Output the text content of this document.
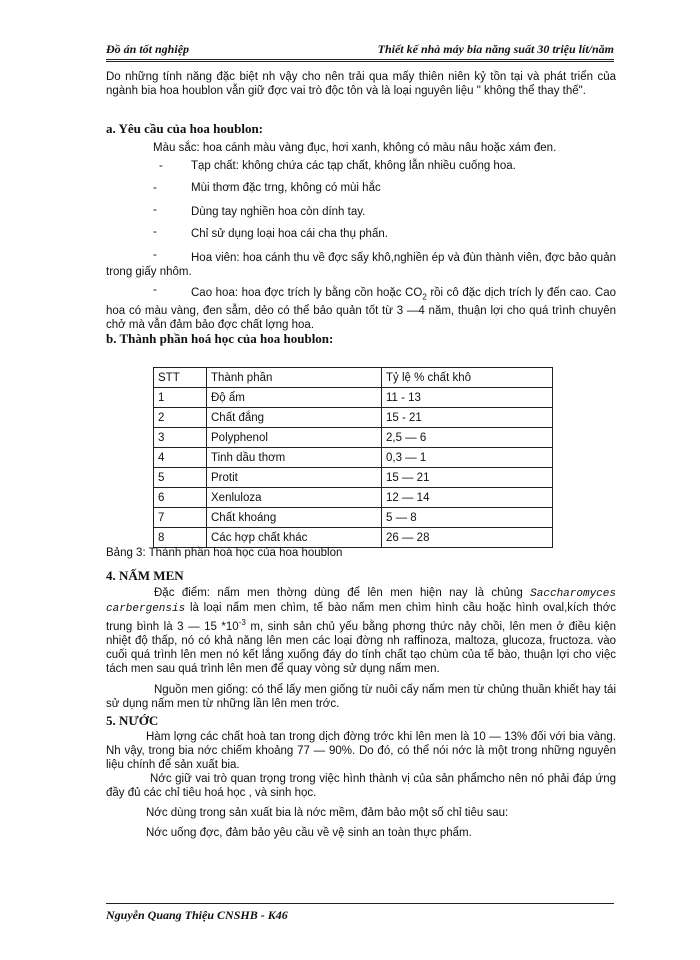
Đồ án tốt nghiệp	Thiết kế nhà máy bia năng suất 30 triệu lít/năm
Do những tính năng đặc biệt nh vậy cho nên trải qua mấy thiên niên kỷ tồn tại và phát triển của ngành bia hoa houblon vẫn giữ đợc vai trò độc tôn và là loại nguyên liệu " không thể thay thế".
a. Yêu cầu của hoa houblon:
Màu sắc: hoa cánh màu vàng đục, hơi xanh, không có màu nâu hoặc xám đen.
- Tạp chất: không chứa các tạp chất, không lẫn nhiều cuống hoa.
-	Mùi thơm đặc trng, không có mùi hắc
-	Dùng tay nghiền hoa còn dính tay.
-	Chỉ sử dụng loại hoa cái cha thụ phấn.
-	Hoa viên: hoa cánh thu về đợc sấy khô,nghiền ép và đùn thành viên, đợc bảo quản trong giấy nhôm.
-	Cao hoa: hoa đợc trích ly bằng cồn hoặc $CO_2$ rồi cô đặc dịch trích ly đến cao. Cao hoa có màu vàng, đen sẫm, dẻo có thể bảo quản tốt từ 3 —4 năm, thuận lợi cho quá trình chuyên chở mà vẫn đảm bảo đợc chất lợng hoa.
b. Thành phần hoá học của hoa houblon:
STT	Thành phần	Tỷ lệ % chất khô
1	Độ ẩm	11 - 13
2	Chất đắng	15 - 21
3	Polyphenol	2,5 — 6
4	Tinh dầu thơm	0,3 — 1
5	Protit	15 — 21
6	Xenluloza	12 — 14
7	Chất khoáng	5 — 8
8	Các hợp chất khác	26 — 28
Bảng 3: Thành phần hoá học của hoa houblon
4. NẤM MEN
Đặc điểm: nấm men thờng dùng để lên men hiện nay là chủng Saccharomyces carbergensis là loại nấm men chìm, tế bào nấm men chìm hình cầu hoặc hình oval,kích thớc trung bình là 3 — 15 $*10^{-3}$ m, sinh sản chủ yếu bằng phơng thức nảy chồi, lên men ở điều kiện nhiệt độ thấp, nó có khả năng lên men các loại đờng nh raffinoza, maltoza, glucoza, fructoza. vào cuối quá trình lên men nó kết lắng xuống đáy do tính chất tạo chùm của tế bào, thuận lợi cho việc tách men sau quá trình lên men để quay vòng sử dụng nấm men.
Nguồn men giống: có thể lấy men giống từ nuôi cấy nấm men từ chủng thuần khiết hay tái sử dụng nấm men từ những lần lên men trớc.
5. NƯỚC
Hàm lợng các chất hoà tan trong dịch đờng trớc khi lên men là 10 — 13% đối với bia vàng. Nh vậy, trong bia nớc chiếm khoảng 77 — 90%. Do đó, có thể nói nớc là một trong những nguyên liệu chính để sản xuất bia.
Nớc giữ vai trò quan trọng trong việc hình thành vị của sản phẩmcho nên nó phải đáp ứng đầy đủ các chỉ tiêu hoá học , và sinh học.
Nớc dùng trong sản xuất bia là nớc mềm, đảm bảo một số chỉ tiêu sau:
Nớc uống đợc, đảm bảo yêu cầu về vệ sinh an toàn thực phẩm.
Nguyễn Quang Thiệu CNSHB - K46
